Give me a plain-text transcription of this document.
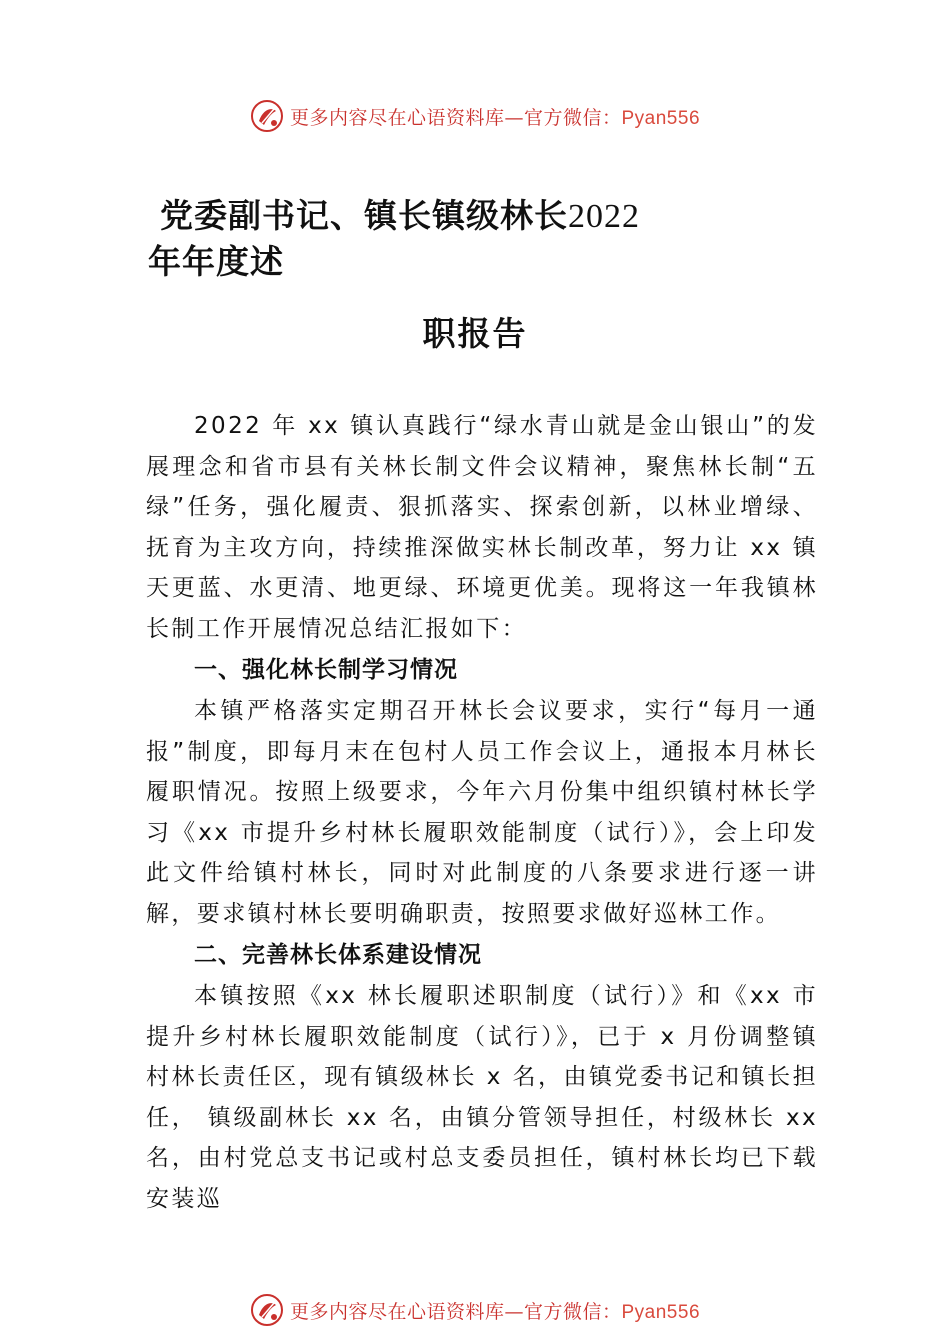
更多内容尽在心语资料库—官方微信：Pyan556
党委副书记、镇长镇级林长2022
年年度述
职报告

2022 年 xx 镇认真践行“绿水青山就是金山银山”的发展理念和省市县有关林长制文件会议精神，聚焦林长制“五绿”任务，强化履责、狠抓落实、探索创新，以林业增绿、 抚育为主攻方向，持续推深做实林长制改革，努力让 xx 镇天更蓝、水更清、地更绿、环境更优美。现将这一年我镇林长制工作开展情况总结汇报如下：

一、强化林长制学习情况

本镇严格落实定期召开林长会议要求，实行“每月一通报”制度，即每月末在包村人员工作会议上，通报本月林长履职情况。按照上级要求，今年六月份集中组织镇村林长学习《xx 市提升乡村林长履职效能制度（试行）》，会上印发此文件给镇村林长，同时对此制度的八条要求进行逐一讲解，要求镇村林长要明确职责，按照要求做好巡林工作。

二、完善林长体系建设情况

本镇按照《xx 林长履职述职制度（试行）》和《xx 市提升乡村林长履职效能制度（试行）》，已于 x 月份调整镇村林长责任区，现有镇级林长 x 名，由镇党委书记和镇长担任， 镇级副林长 xx 名，由镇分管领导担任，村级林长 xx 名，由村党总支书记或村总支委员担任，镇村林长均已下载安装巡

更多内容尽在心语资料库—官方微信：Pyan556
